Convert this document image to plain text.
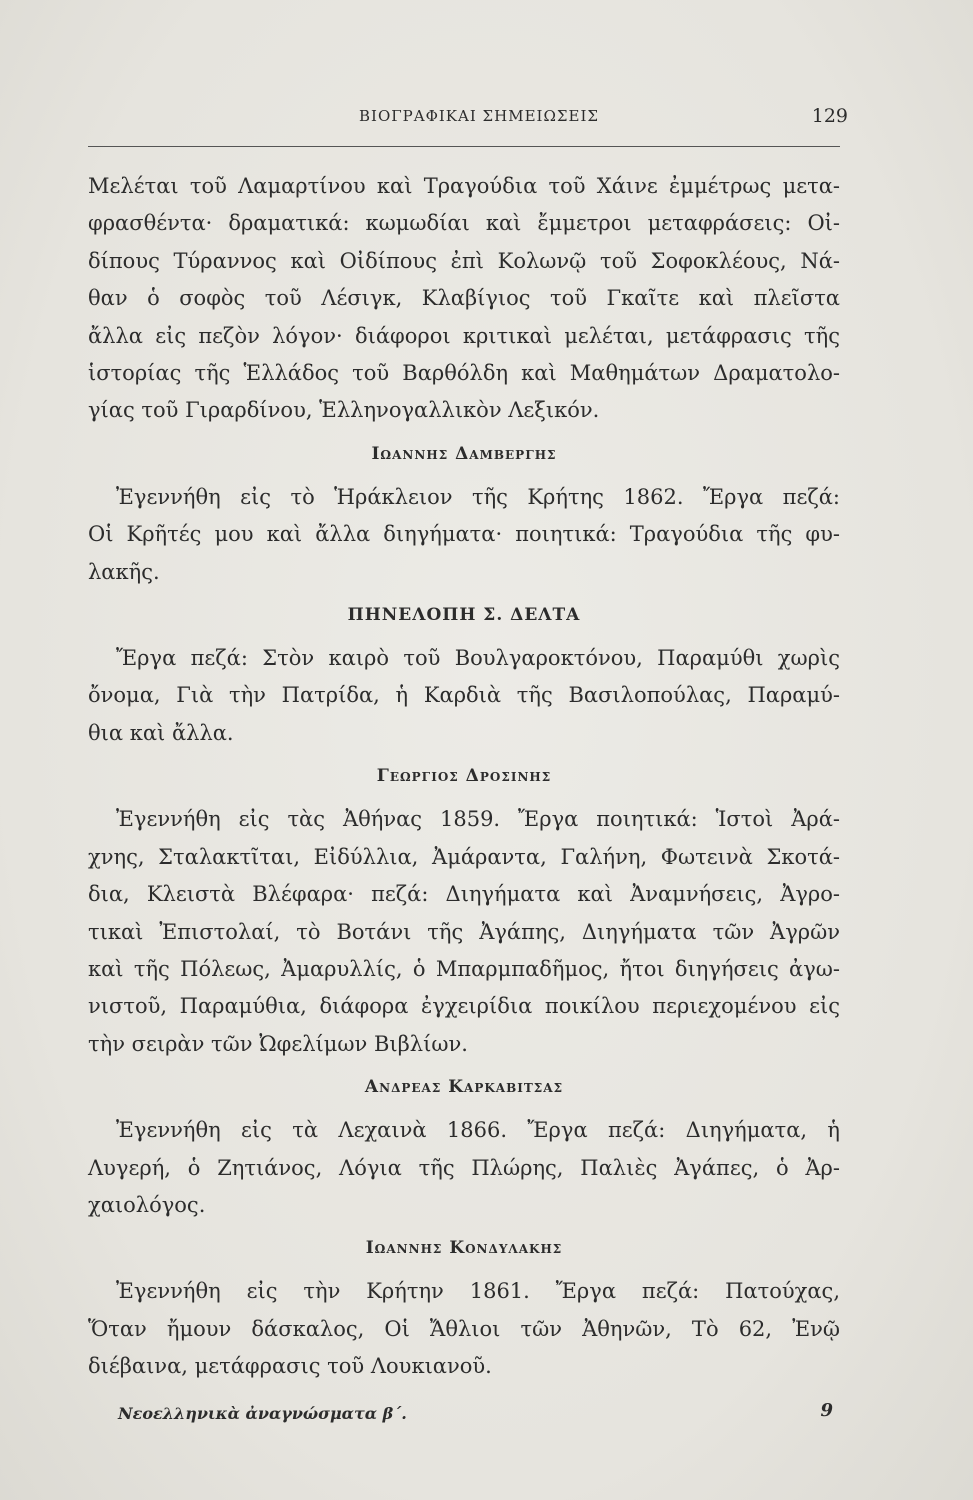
ΒΙΟΓΡΑΦΙΚΑΙ ΣΗΜΕΙΩΣΕΙΣ	129

Μελέται τοῦ Λαμαρτίνου καὶ Τραγούδια τοῦ Χάινε ἐμμέτρως μετα-
φρασθέντα· δραματικά: κωμωδίαι καὶ ἔμμετροι μεταφράσεις: Οἰ-
δίπους Τύραννος καὶ Οἰδίπους ἐπὶ Κολωνῷ τοῦ Σοφοκλέους, Νά-
θαν ὁ σοφὸς τοῦ Λέσιγκ, Κλαβίγιος τοῦ Γκαῖτε καὶ πλεῖστα
ἄλλα εἰς πεζὸν λόγον· διάφοροι κριτικαὶ μελέται, μετάφρασις τῆς
ἱστορίας τῆς Ἑλλάδος τοῦ Βαρθόλδη καὶ Μαθημάτων Δραματολο-
γίας τοῦ Γιραρδίνου, Ἑλληνογαλλικὸν Λεξικόν.

Ιωαννης Δαμβεργης

Ἐγεννήθη εἰς τὸ Ἡράκλειον τῆς Κρήτης 1862. Ἔργα πεζά:
Οἱ Κρῆτές μου καὶ ἄλλα διηγήματα· ποιητικά: Τραγούδια τῆς φυ-
λακῆς.

ΠΗΝΕΛΟΠΗ Σ. ΔΕΛΤΑ

Ἔργα πεζά: Στὸν καιρὸ τοῦ Βουλγαροκτόνου, Παραμύθι χωρὶς
ὄνομα, Γιὰ τὴν Πατρίδα, ἡ Καρδιὰ τῆς Βασιλοπούλας, Παραμύ-
θια καὶ ἄλλα.

Γεωργιος Δροσινης

Ἐγεννήθη εἰς τὰς Ἀθήνας 1859. Ἔργα ποιητικά: Ἱστοὶ Ἀρά-
χνης, Σταλακτῖται, Εἰδύλλια, Ἀμάραντα, Γαλήνη, Φωτεινὰ Σκοτά-
δια, Κλειστὰ Βλέφαρα· πεζά: Διηγήματα καὶ Ἀναμνήσεις, Ἀγρο-
τικαὶ Ἐπιστολαί, τὸ Βοτάνι τῆς Ἀγάπης, Διηγήματα τῶν Ἀγρῶν
καὶ τῆς Πόλεως, Ἀμαρυλλίς, ὁ Μπαρμπαδῆμος, ἤτοι διηγήσεις ἀγω-
νιστοῦ, Παραμύθια, διάφορα ἐγχειρίδια ποικίλου περιεχομένου εἰς
τὴν σειρὰν τῶν Ὠφελίμων Βιβλίων.

Ανδρεας Καρκαβιτσας

Ἐγεννήθη εἰς τὰ Λεχαινὰ 1866. Ἔργα πεζά: Διηγήματα, ἡ
Λυγερή, ὁ Ζητιάνος, Λόγια τῆς Πλώρης, Παλιὲς Ἀγάπες, ὁ Ἀρ-
χαιολόγος.

Ιωαννης Κονδυλακης

Ἐγεννήθη εἰς τὴν Κρήτην 1861. Ἔργα πεζά: Πατούχας,
Ὅταν ἤμουν δάσκαλος, Οἱ Ἄθλιοι τῶν Ἀθηνῶν, Τὸ 62, Ἐνῷ
διέβαινα, μετάφρασις τοῦ Λουκιανοῦ.

Νεοελληνικὰ ἀναγνώσματα β΄.	9
